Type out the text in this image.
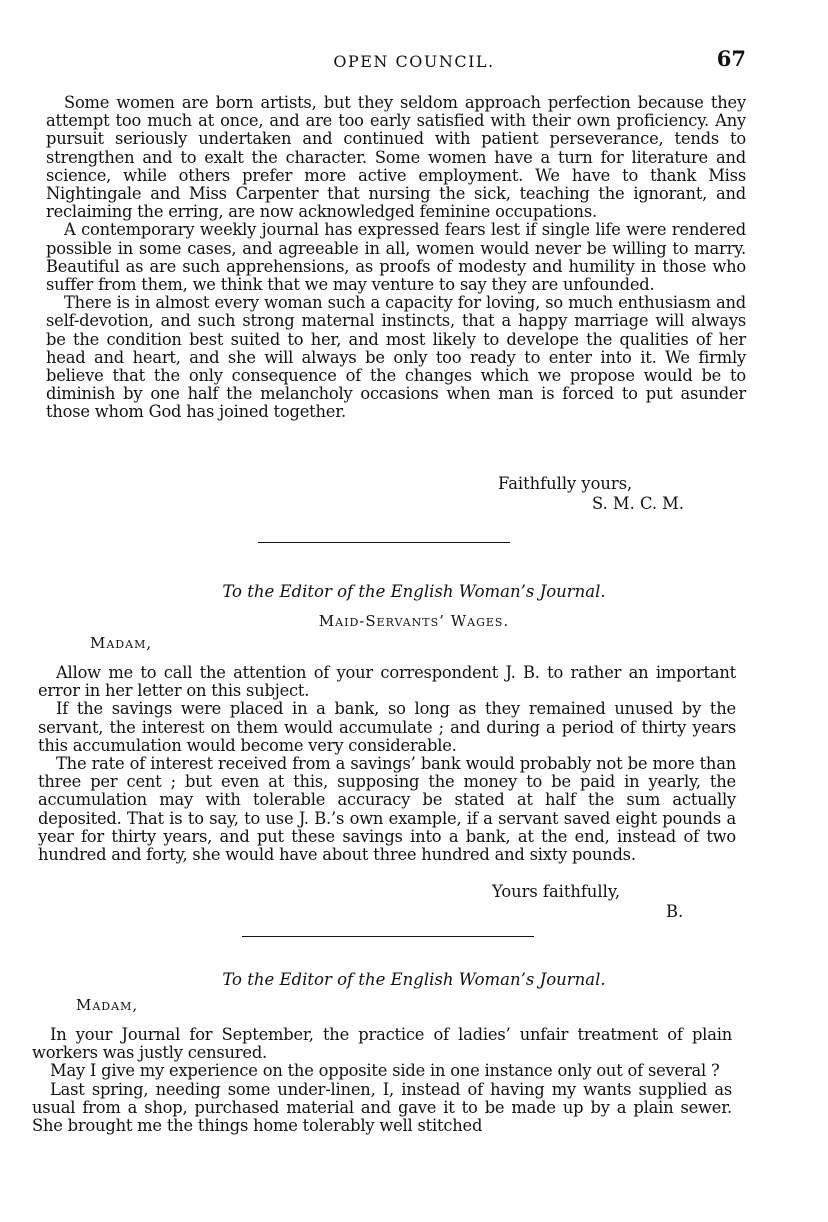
OPEN COUNCIL.	67

Some women are born artists, but they seldom approach perfection because they attempt too much at once, and are too early satisfied with their own proficiency. Any pursuit seriously undertaken and continued with patient perseverance, tends to strengthen and to exalt the character. Some women have a turn for literature and science, while others prefer more active employment. We have to thank Miss Nightingale and Miss Carpenter that nursing the sick, teaching the ignorant, and reclaiming the erring, are now acknowledged feminine occupations.

A contemporary weekly journal has expressed fears lest if single life were rendered possible in some cases, and agreeable in all, women would never be willing to marry. Beautiful as are such apprehensions, as proofs of modesty and humility in those who suffer from them, we think that we may venture to say they are unfounded.

There is in almost every woman such a capacity for loving, so much enthusiasm and self-devotion, and such strong maternal instincts, that a happy marriage will always be the condition best suited to her, and most likely to develope the qualities of her head and heart, and she will always be only too ready to enter into it. We firmly believe that the only consequence of the changes which we propose would be to diminish by one half the melancholy occasions when man is forced to put asunder those whom God has joined together.

Faithfully yours,
S. M. C. M.
To the Editor of the English Woman’s Journal.
Maid-Servants’ Wages.
Madam,

Allow me to call the attention of your correspondent J. B. to rather an important error in her letter on this subject.

If the savings were placed in a bank, so long as they remained unused by the servant, the interest on them would accumulate ; and during a period of thirty years this accumulation would become very considerable.

The rate of interest received from a savings’ bank would probably not be more than three per cent ; but even at this, supposing the money to be paid in yearly, the accumulation may with tolerable accuracy be stated at half the sum actually deposited. That is to say, to use J. B.’s own example, if a servant saved eight pounds a year for thirty years, and put these savings into a bank, at the end, instead of two hundred and forty, she would have about three hundred and sixty pounds.

Yours faithfully,
B.
To the Editor of the English Woman’s Journal.
Madam,

In your Journal for September, the practice of ladies’ unfair treatment of plain workers was justly censured.

May I give my experience on the opposite side in one instance only out of several ?

Last spring, needing some under-linen, I, instead of having my wants supplied as usual from a shop, purchased material and gave it to be made up by a plain sewer. She brought me the things home tolerably well stitched
